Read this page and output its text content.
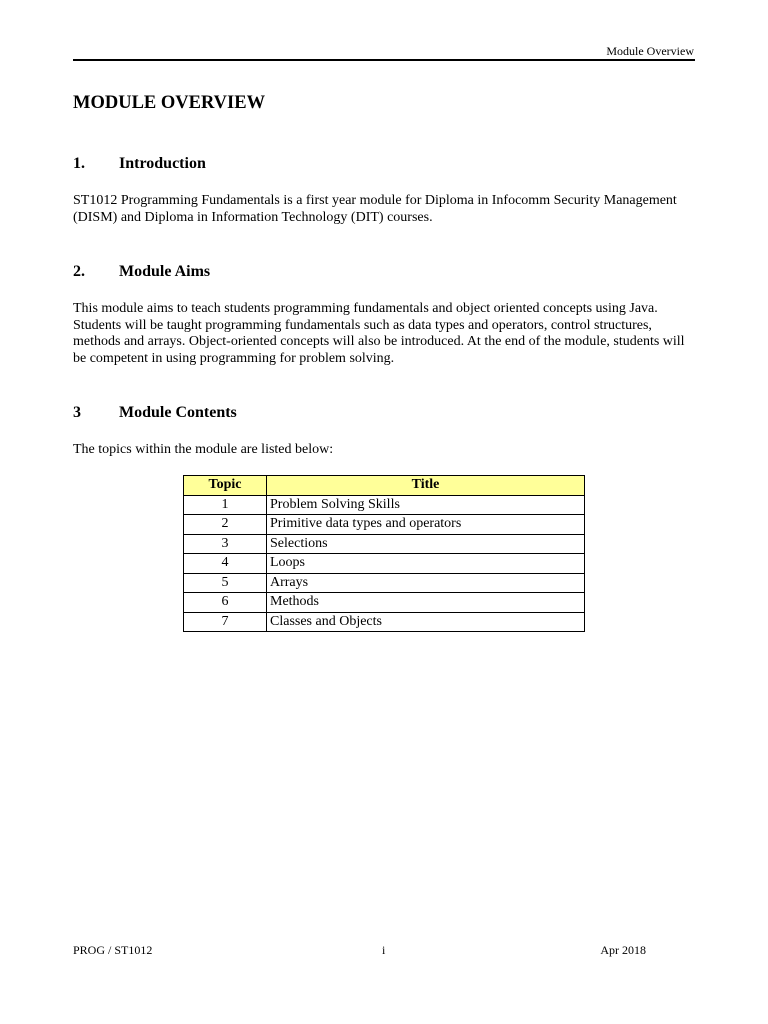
Module Overview
MODULE OVERVIEW
1. Introduction

ST1012 Programming Fundamentals is a first year module for Diploma in Infocomm Security Management (DISM) and Diploma in Information Technology (DIT) courses.

2. Module Aims

This module aims to teach students programming fundamentals and object oriented concepts using Java. Students will be taught programming fundamentals such as data types and operators, control structures, methods and arrays. Object-oriented concepts will also be introduced. At the end of the module, students will be competent in using programming for problem solving.

3 Module Contents

The topics within the module are listed below:

Topic	Title
1	Problem Solving Skills
2	Primitive data types and operators
3	Selections
4	Loops
5	Arrays
6	Methods
7	Classes and Objects
PROG / ST1012	i	Apr 2018
